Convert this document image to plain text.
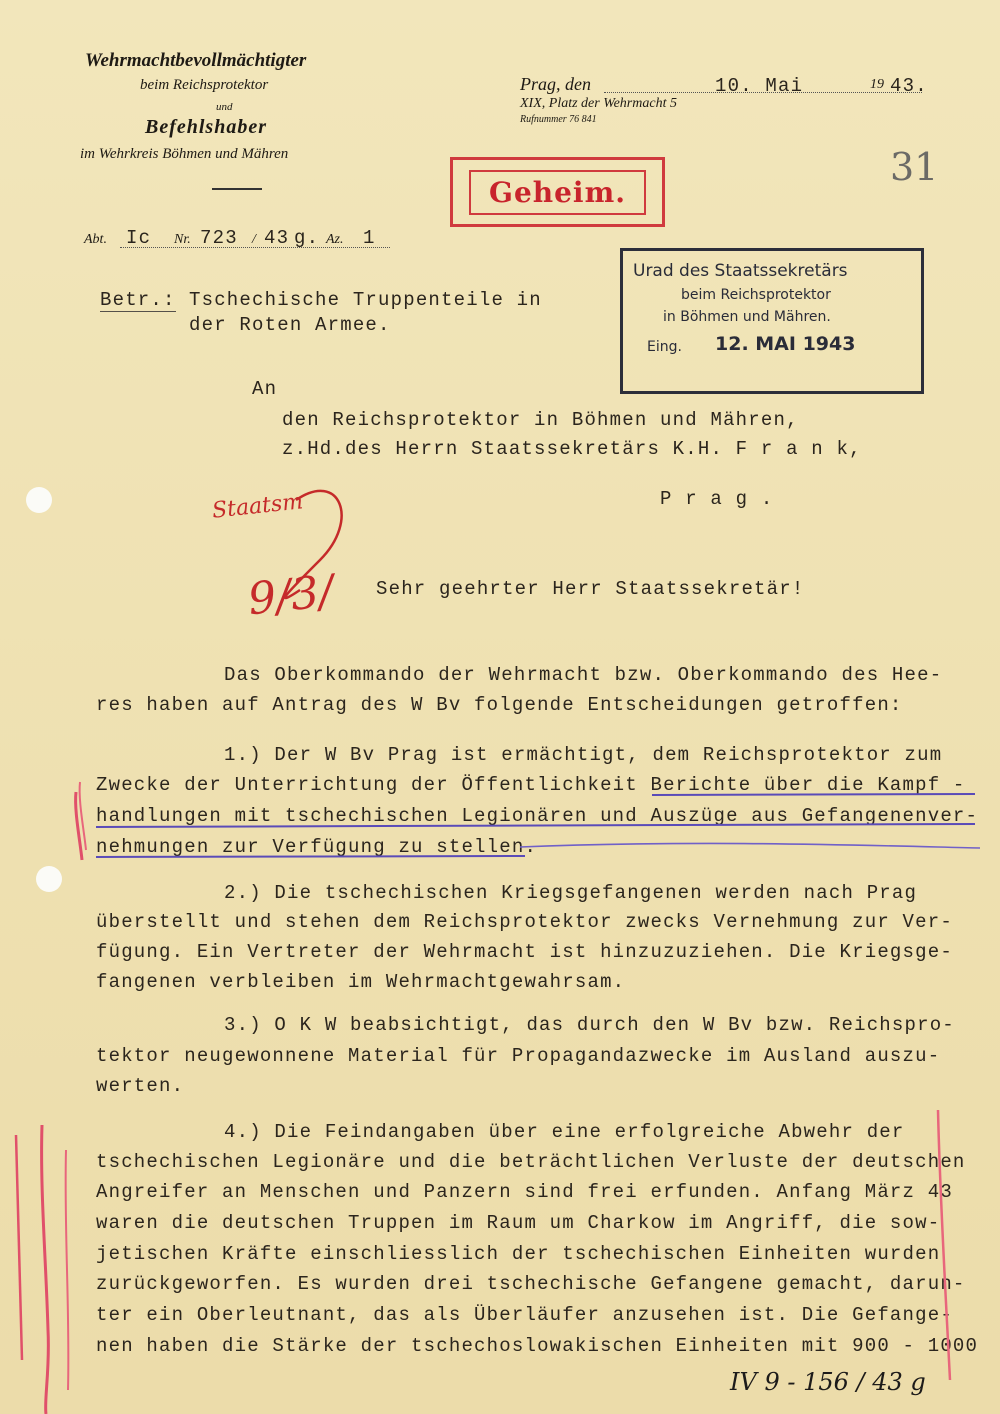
Wehrmachtbevollmächtigter
beim Reichsprotektor
und
Befehlshaber
im Wehrkreis Böhmen und Mähren
Prag, den	10. Mai	19 43.
XIX, Platz der Wehrmacht 5
Rufnummer 76 841
31
Geheim.
Abt. Ic Nr. 723 / 43 g. Az. 1
Urad des Staatssekretärs
beim Reichsprotektor
in Böhmen und Mähren.
Eing. 12. MAI 1943
Betr.: Tschechische Truppenteile in
der Roten Armee.
An
den Reichsprotektor in Böhmen und Mähren,
z.Hd.des Herrn Staatssekretärs K.H. F r a n k,
P r a g .
Staatsm
9/3/ Sehr geehrter Herr Staatssekretär!
Das Oberkommando der Wehrmacht bzw. Oberkommando des Hee-
res haben auf Antrag des W Bv folgende Entscheidungen getroffen:
1.) Der W Bv Prag ist ermächtigt, dem Reichsprotektor zum
Zwecke der Unterrichtung der Öffentlichkeit Berichte über die Kampf -
handlungen mit tschechischen Legionären und Auszüge aus Gefangenenver-
nehmungen zur Verfügung zu stellen.
2.) Die tschechischen Kriegsgefangenen werden nach Prag
überstellt und stehen dem Reichsprotektor zwecks Vernehmung zur Ver-
fügung. Ein Vertreter der Wehrmacht ist hinzuzuziehen. Die Kriegsge-
fangenen verbleiben im Wehrmachtgewahrsam.
3.) O K W beabsichtigt, das durch den W Bv bzw. Reichspro-
tektor neugewonnene Material für Propagandazwecke im Ausland auszu-
werten.
4.) Die Feindangaben über eine erfolgreiche Abwehr der
tschechischen Legionäre und die beträchtlichen Verluste der deutschen
Angreifer an Menschen und Panzern sind frei erfunden. Anfang März 43
waren die deutschen Truppen im Raum um Charkow im Angriff, die sow-
jetischen Kräfte einschliesslich der tschechischen Einheiten wurden
zurückgeworfen. Es wurden drei tschechische Gefangene gemacht, darun-
ter ein Oberleutnant, das als Überläufer anzusehen ist. Die Gefange-
nen haben die Stärke der tschechoslowakischen Einheiten mit 900 - 1000
IV 9 - 156 / 43 g
